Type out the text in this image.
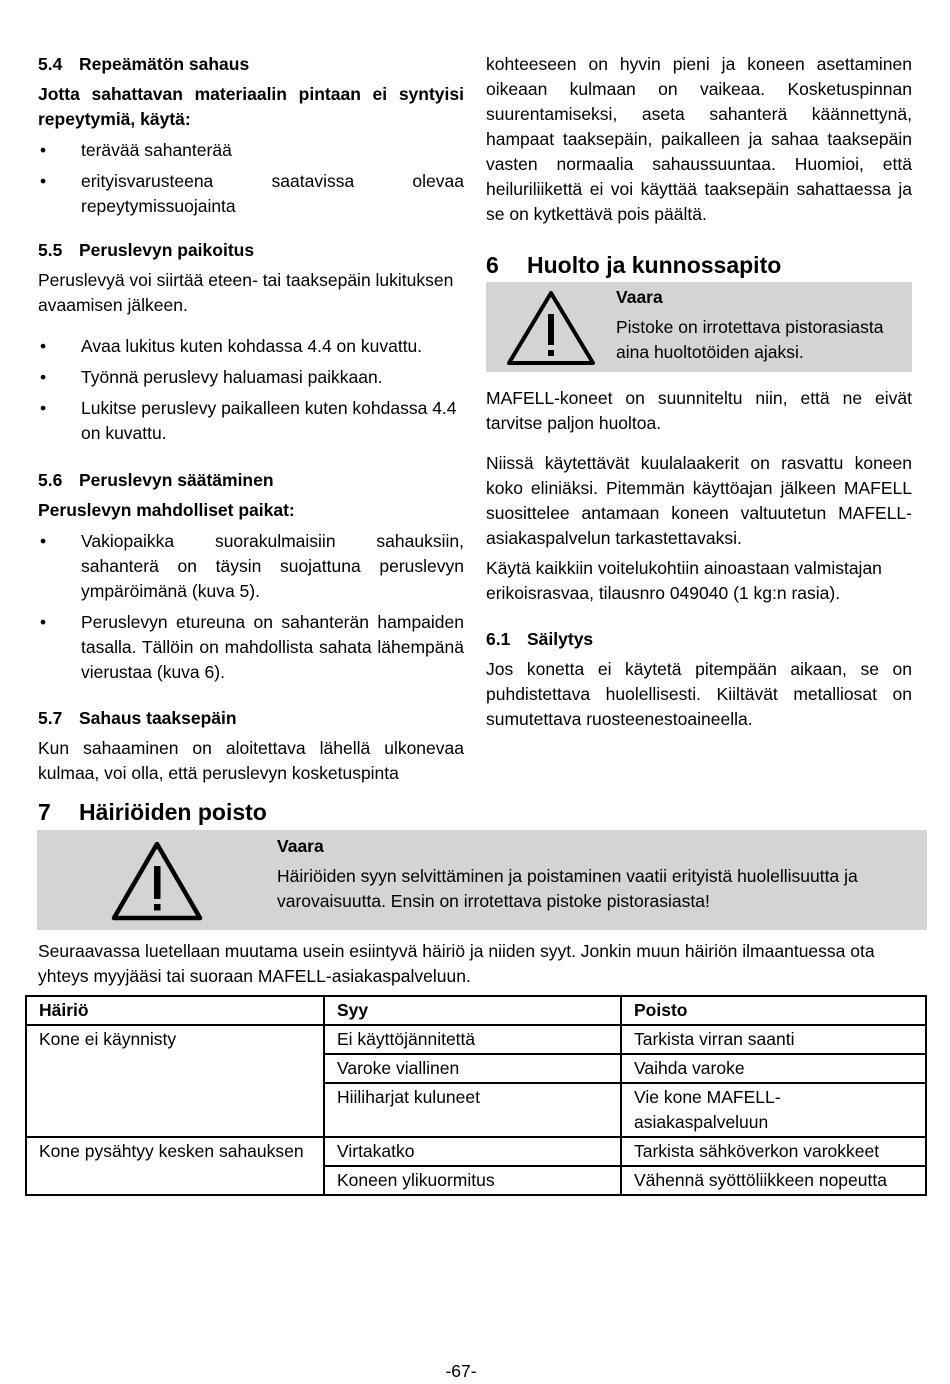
5.4 Repeämätön sahaus

Jotta sahattavan materiaalin pintaan ei syntyisi repeytymiä, käytä:

• terävää sahanterää
• erityisvarusteena saatavissa olevaa repeytymissuojainta

5.5 Peruslevyn paikoitus

Peruslevyä voi siirtää eteen- tai taaksepäin lukituksen avaamisen jälkeen.

• Avaa lukitus kuten kohdassa 4.4 on kuvattu.
• Työnnä peruslevy haluamasi paikkaan.
• Lukitse peruslevy paikalleen kuten kohdassa 4.4 on kuvattu.

5.6 Peruslevyn säätäminen

Peruslevyn mahdolliset paikat:

• Vakiopaikka suorakulmaisiin sahauksiin, sahanterä on täysin suojattuna peruslevyn ympäröimänä (kuva 5).
• Peruslevyn etureuna on sahanterän hampaiden tasalla. Tällöin on mahdollista sahata lähempänä vierustaa (kuva 6).

5.7 Sahaus taaksepäin

Kun sahaaminen on aloitettava lähellä ulkonevaa kulmaa, voi olla, että peruslevyn kosketuspinta

kohteeseen on hyvin pieni ja koneen asettaminen oikeaan kulmaan on vaikeaa. Kosketuspinnan suurentamiseksi, aseta sahanterä käännettynä, hampaat taaksepäin, paikalleen ja sahaa taaksepäin vasten normaalia sahaussuuntaa. Huomioi, että heiluriliikettä ei voi käyttää taaksepäin sahattaessa ja se on kytkettävä pois päältä.

6 Huolto ja kunnossapito

Vaara

Pistoke on irrotettava pistorasiasta aina huoltotöiden ajaksi.

MAFELL-koneet on suunniteltu niin, että ne eivät tarvitse paljon huoltoa.

Niissä käytettävät kuulalaakerit on rasvattu koneen koko eliniäksi. Pitemmän käyttöajan jälkeen MAFELL suosittelee antamaan koneen valtuutetun MAFELL-asiakaspalvelun tarkastettavaksi.

Käytä kaikkiin voitelukohtiin ainoastaan valmistajan erikoisrasvaa, tilausnro 049040 (1 kg:n rasia).

6.1 Säilytys

Jos konetta ei käytetä pitempään aikaan, se on puhdistettava huolellisesti. Kiiltävät metalliosat on sumutettava ruosteenestoaineella.

7 Häiriöiden poisto

Vaara

Häiriöiden syyn selvittäminen ja poistaminen vaatii erityistä huolellisuutta ja varovaisuutta. Ensin on irrotettava pistoke pistorasiasta!

Seuraavassa luetellaan muutama usein esiintyvä häiriö ja niiden syyt. Jonkin muun häiriön ilmaantuessa ota yhteys myyjääsi tai suoraan MAFELL-asiakaspalveluun.

Häiriö	Syy	Poisto
Kone ei käynnisty	Ei käyttöjännitettä	Tarkista virran saanti
	Varoke viallinen	Vaihda varoke
	Hiiliharjat kuluneet	Vie kone MAFELL-asiakaspalveluun
Kone pysähtyy kesken sahauksen	Virtakatko	Tarkista sähköverkon varokkeet
	Koneen ylikuormitus	Vähennä syöttöliikkeen nopeutta
-67-
